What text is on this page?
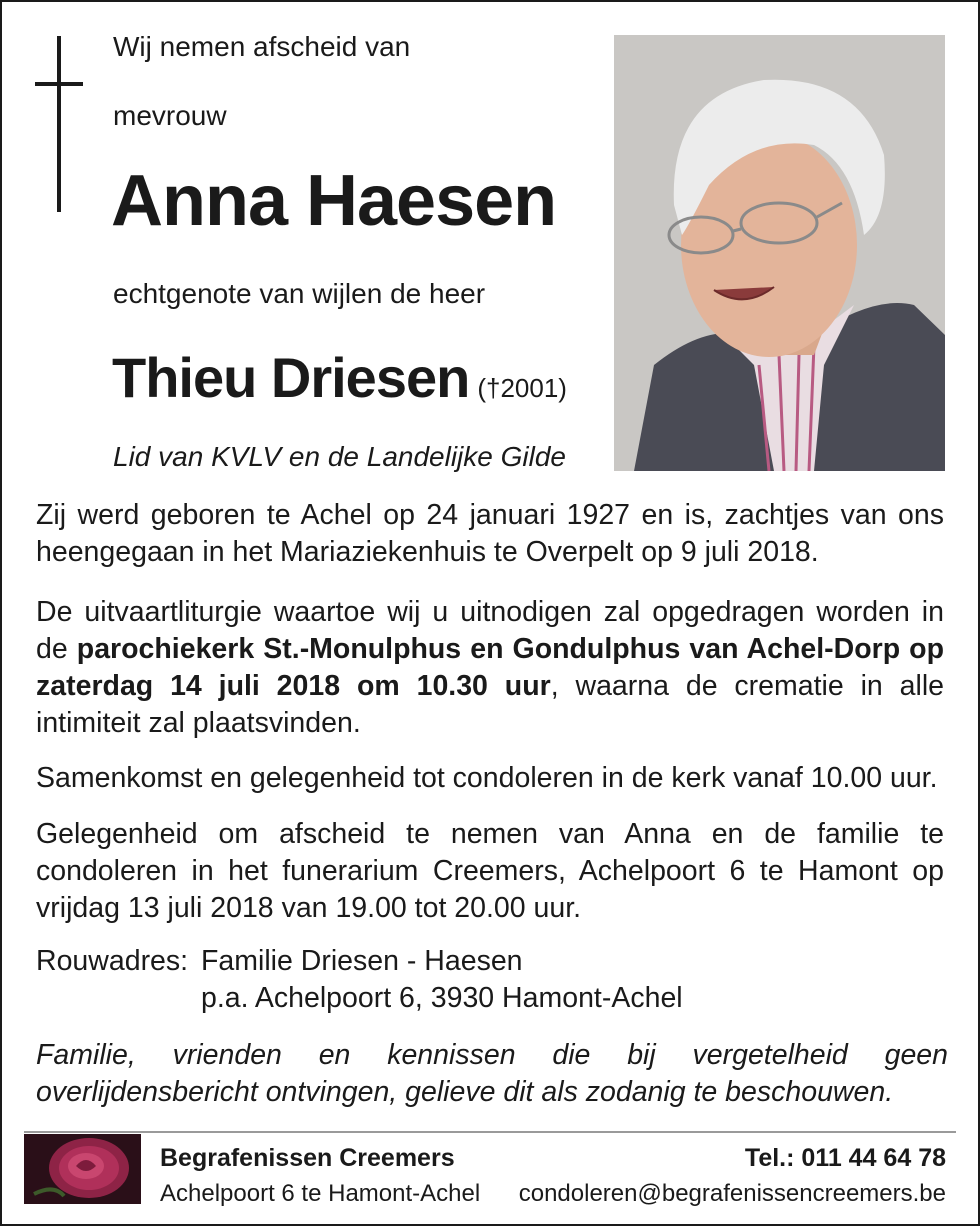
Wij nemen afscheid van
mevrouw
Anna Haesen
echtgenote van wijlen de heer
Thieu Driesen (†2001)
Lid van KVLV en de Landelijke Gilde
Zij werd geboren te Achel op 24 januari 1927 en is, zachtjes van ons heengegaan in het Mariaziekenhuis te Overpelt op 9 juli 2018.
De uitvaartliturgie waartoe wij u uitnodigen zal opgedragen worden in de parochiekerk St.-Monulphus en Gondulphus van Achel-Dorp op zaterdag 14 juli 2018 om 10.30 uur, waarna de crematie in alle intimiteit zal plaatsvinden.
Samenkomst en gelegenheid tot condoleren in de kerk vanaf 10.00 uur.
Gelegenheid om afscheid te nemen van Anna en de familie te condoleren in het funerarium Creemers, Achelpoort 6 te Hamont op vrijdag 13 juli 2018 van 19.00 tot 20.00 uur.
Rouwadres: Familie Driesen - Haesen
p.a. Achelpoort 6, 3930 Hamont-Achel
Familie, vrienden en kennissen die bij vergetelheid geen overlijdensbericht ontvingen, gelieve dit als zodanig te beschouwen.
Begrafenissen Creemers
Achelpoort 6 te Hamont-Achel
Tel.: 011 44 64 78
condoleren@begrafenissencreemers.be
